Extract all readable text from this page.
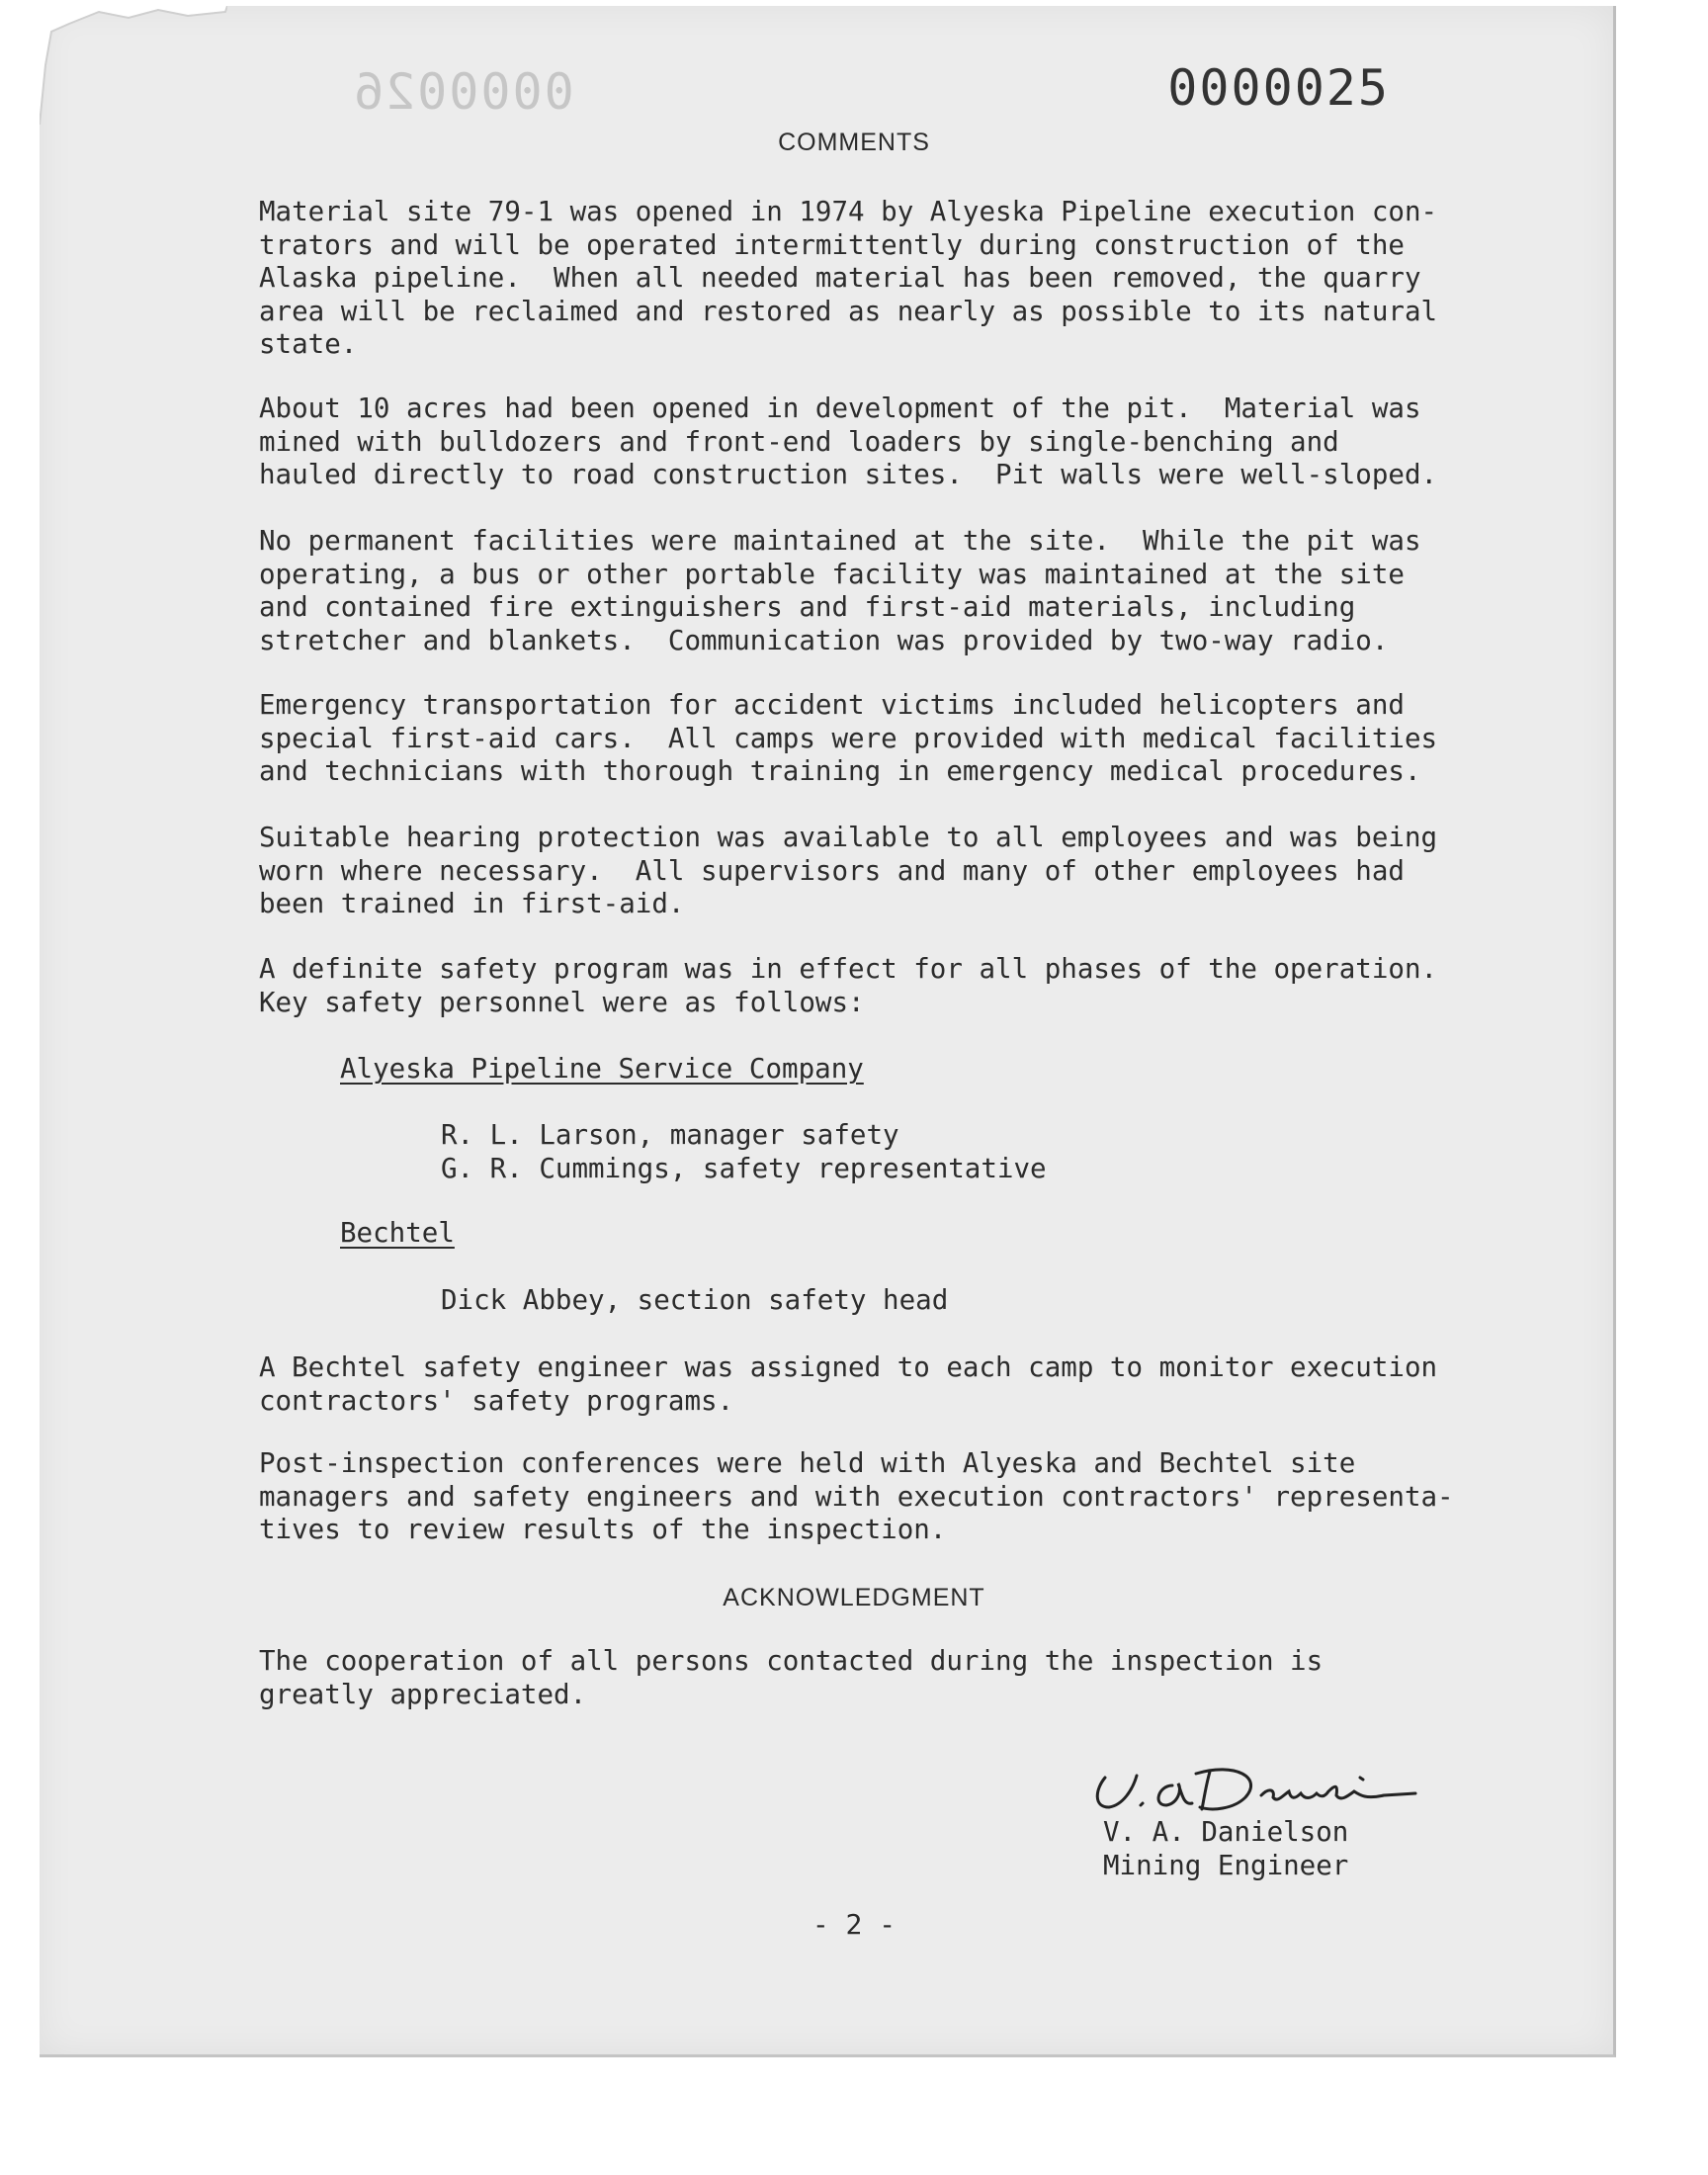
0000026	0000025
COMMENTS
Material site 79-1 was opened in 1974 by Alyeska Pipeline execution con-
trators and will be operated intermittently during construction of the
Alaska pipeline.  When all needed material has been removed, the quarry
area will be reclaimed and restored as nearly as possible to its natural
state.
About 10 acres had been opened in development of the pit.  Material was
mined with bulldozers and front-end loaders by single-benching and
hauled directly to road construction sites.  Pit walls were well-sloped.
No permanent facilities were maintained at the site.  While the pit was
operating, a bus or other portable facility was maintained at the site
and contained fire extinguishers and first-aid materials, including
stretcher and blankets.  Communication was provided by two-way radio.
Emergency transportation for accident victims included helicopters and
special first-aid cars.  All camps were provided with medical facilities
and technicians with thorough training in emergency medical procedures.
Suitable hearing protection was available to all employees and was being
worn where necessary.  All supervisors and many of other employees had
been trained in first-aid.
A definite safety program was in effect for all phases of the operation.
Key safety personnel were as follows:
Alyeska Pipeline Service Company
R. L. Larson, manager safety
G. R. Cummings, safety representative
Bechtel
Dick Abbey, section safety head
A Bechtel safety engineer was assigned to each camp to monitor execution
contractors' safety programs.
Post-inspection conferences were held with Alyeska and Bechtel site
managers and safety engineers and with execution contractors' representa-
tives to review results of the inspection.
ACKNOWLEDGMENT
The cooperation of all persons contacted during the inspection is
greatly appreciated.
V. A. Danielson
Mining Engineer
- 2 -
